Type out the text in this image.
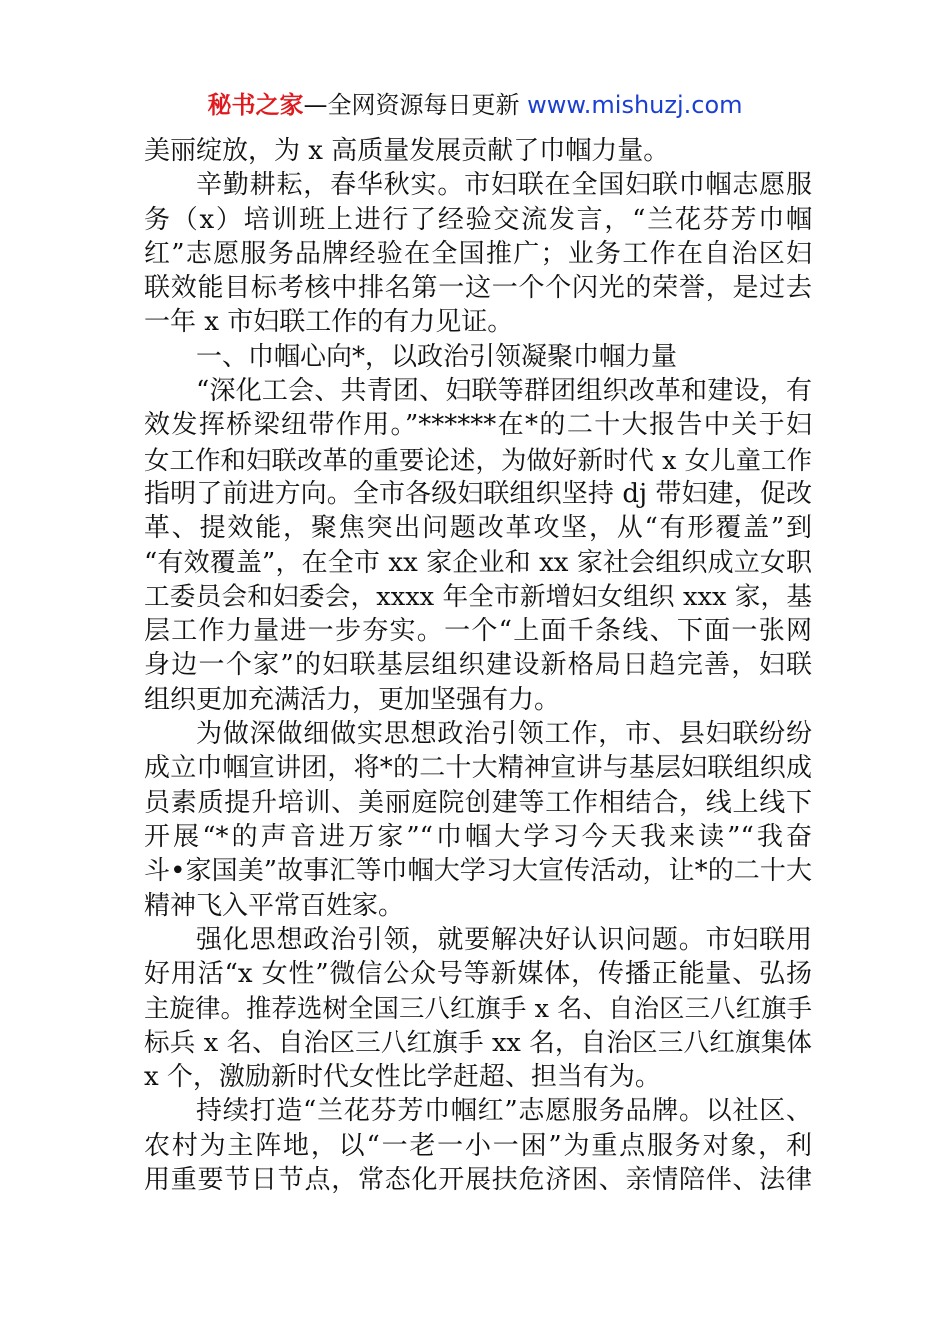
秘书之家—全网资源每日更新 www.mishuzj.com
美丽绽放，为 x 高质量发展贡献了巾帼力量。
辛勤耕耘，春华秋实。市妇联在全国妇联巾帼志愿服
务（x）培训班上进行了经验交流发言，“兰花芬芳巾帼
红”志愿服务品牌经验在全国推广；业务工作在自治区妇
联效能目标考核中排名第一这一个个闪光的荣誉，是过去
一年 x 市妇联工作的有力见证。
一、巾帼心向*，以政治引领凝聚巾帼力量
“深化工会、共青团、妇联等群团组织改革和建设，有
效发挥桥梁纽带作用。”******在*的二十大报告中关于妇
女工作和妇联改革的重要论述，为做好新时代 x 女儿童工作
指明了前进方向。全市各级妇联组织坚持 dj 带妇建，促改
革、提效能，聚焦突出问题改革攻坚，从“有形覆盖”到
“有效覆盖”，在全市 xx 家企业和 xx 家社会组织成立女职
工委员会和妇委会，xxxx 年全市新增妇女组织 xxx 家，基
层工作力量进一步夯实。一个“上面千条线、下面一张网
身边一个家”的妇联基层组织建设新格局日趋完善，妇联
组织更加充满活力，更加坚强有力。
为做深做细做实思想政治引领工作，市、县妇联纷纷
成立巾帼宣讲团，将*的二十大精神宣讲与基层妇联组织成
员素质提升培训、美丽庭院创建等工作相结合，线上线下
开展“*的声音进万家”“巾帼大学习今天我来读”“我奋
斗•家国美”故事汇等巾帼大学习大宣传活动，让*的二十大
精神飞入平常百姓家。
强化思想政治引领，就要解决好认识问题。市妇联用
好用活“x 女性”微信公众号等新媒体，传播正能量、弘扬
主旋律。推荐选树全国三八红旗手 x 名、自治区三八红旗手
标兵 x 名、自治区三八红旗手 xx 名，自治区三八红旗集体
x 个，激励新时代女性比学赶超、担当有为。
持续打造“兰花芬芳巾帼红”志愿服务品牌。以社区、
农村为主阵地，以“一老一小一困”为重点服务对象，利
用重要节日节点，常态化开展扶危济困、亲情陪伴、法律
